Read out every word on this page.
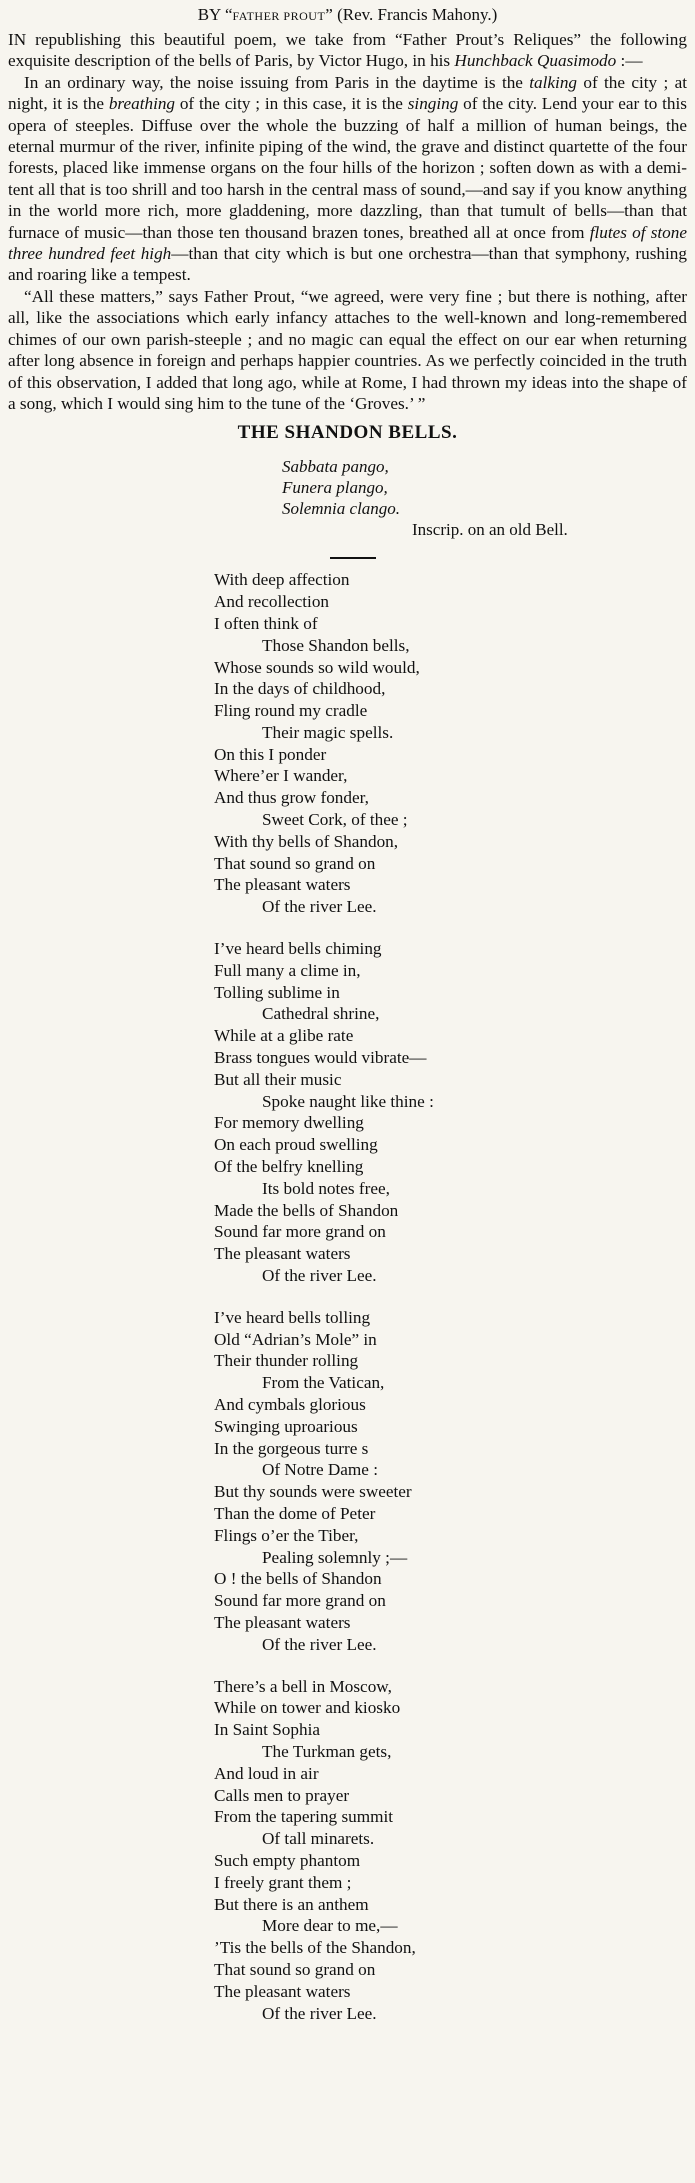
BY “FATHER PROUT” (Rev. Francis Mahony.)

IN republishing this beautiful poem, we take from “Father Prout’s Reliques” the following exquisite description of the bells of Paris, by Victor Hugo, in his Hunchback Quasimodo :—

In an ordinary way, the noise issuing from Paris in the daytime is the talking of the city ; at night, it is the breathing of the city ; in this case, it is the singing of the city. Lend your ear to this opera of steeples. Diffuse over the whole the buzzing of half a million of human beings, the eternal murmur of the river, infinite piping of the wind, the grave and distinct quartette of the four forests, placed like immense organs on the four hills of the horizon ; soften down as with a demi-tent all that is too shrill and too harsh in the central mass of sound,—and say if you know anything in the world more rich, more gladdening, more dazzling, than that tumult of bells—than that furnace of music—than those ten thousand brazen tones, breathed all at once from flutes of stone three hundred feet high—than that city which is but one orchestra—than that symphony, rushing and roaring like a tempest.

“All these matters,” says Father Prout, “we agreed, were very fine ; but there is nothing, after all, like the associations which early infancy attaches to the well-known and long-remembered chimes of our own parish-steeple ; and no magic can equal the effect on our ear when returning after long absence in foreign and perhaps happier countries. As we perfectly coincided in the truth of this observation, I added that long ago, while at Rome, I had thrown my ideas into the shape of a song, which I would sing him to the tune of the ‘Groves.’ ”

THE SHANDON BELLS.
Sabbata pango,
Funera plango,
Solemnia clango.
Inscrip. on an old Bell.
With deep affection
And recollection
I often think of
Those Shandon bells,
Whose sounds so wild would,
In the days of childhood,
Fling round my cradle
Their magic spells.
On this I ponder
Where’er I wander,
And thus grow fonder,
Sweet Cork, of thee ;
With thy bells of Shandon,
That sound so grand on
The pleasant waters
Of the river Lee.
I’ve heard bells chiming
Full many a clime in,
Tolling sublime in
Cathedral shrine,
While at a glibe rate
Brass tongues would vibrate—
But all their music
Spoke naught like thine :
For memory dwelling
On each proud swelling
Of the belfry knelling
Its bold notes free,
Made the bells of Shandon
Sound far more grand on
The pleasant waters
Of the river Lee.
I’ve heard bells tolling
Old “Adrian’s Mole” in
Their thunder rolling
From the Vatican,
And cymbals glorious
Swinging uproarious
In the gorgeous turre s
Of Notre Dame :
But thy sounds were sweeter
Than the dome of Peter
Flings o’er the Tiber,
Pealing solemnly ;—
O ! the bells of Shandon
Sound far more grand on
The pleasant waters
Of the river Lee.
There’s a bell in Moscow,
While on tower and kiosko
In Saint Sophia
The Turkman gets,
And loud in air
Calls men to prayer
From the tapering summit
Of tall minarets.
Such empty phantom
I freely grant them ;
But there is an anthem
More dear to me,—
’Tis the bells of the Shandon,
That sound so grand on
The pleasant waters
Of the river Lee.
